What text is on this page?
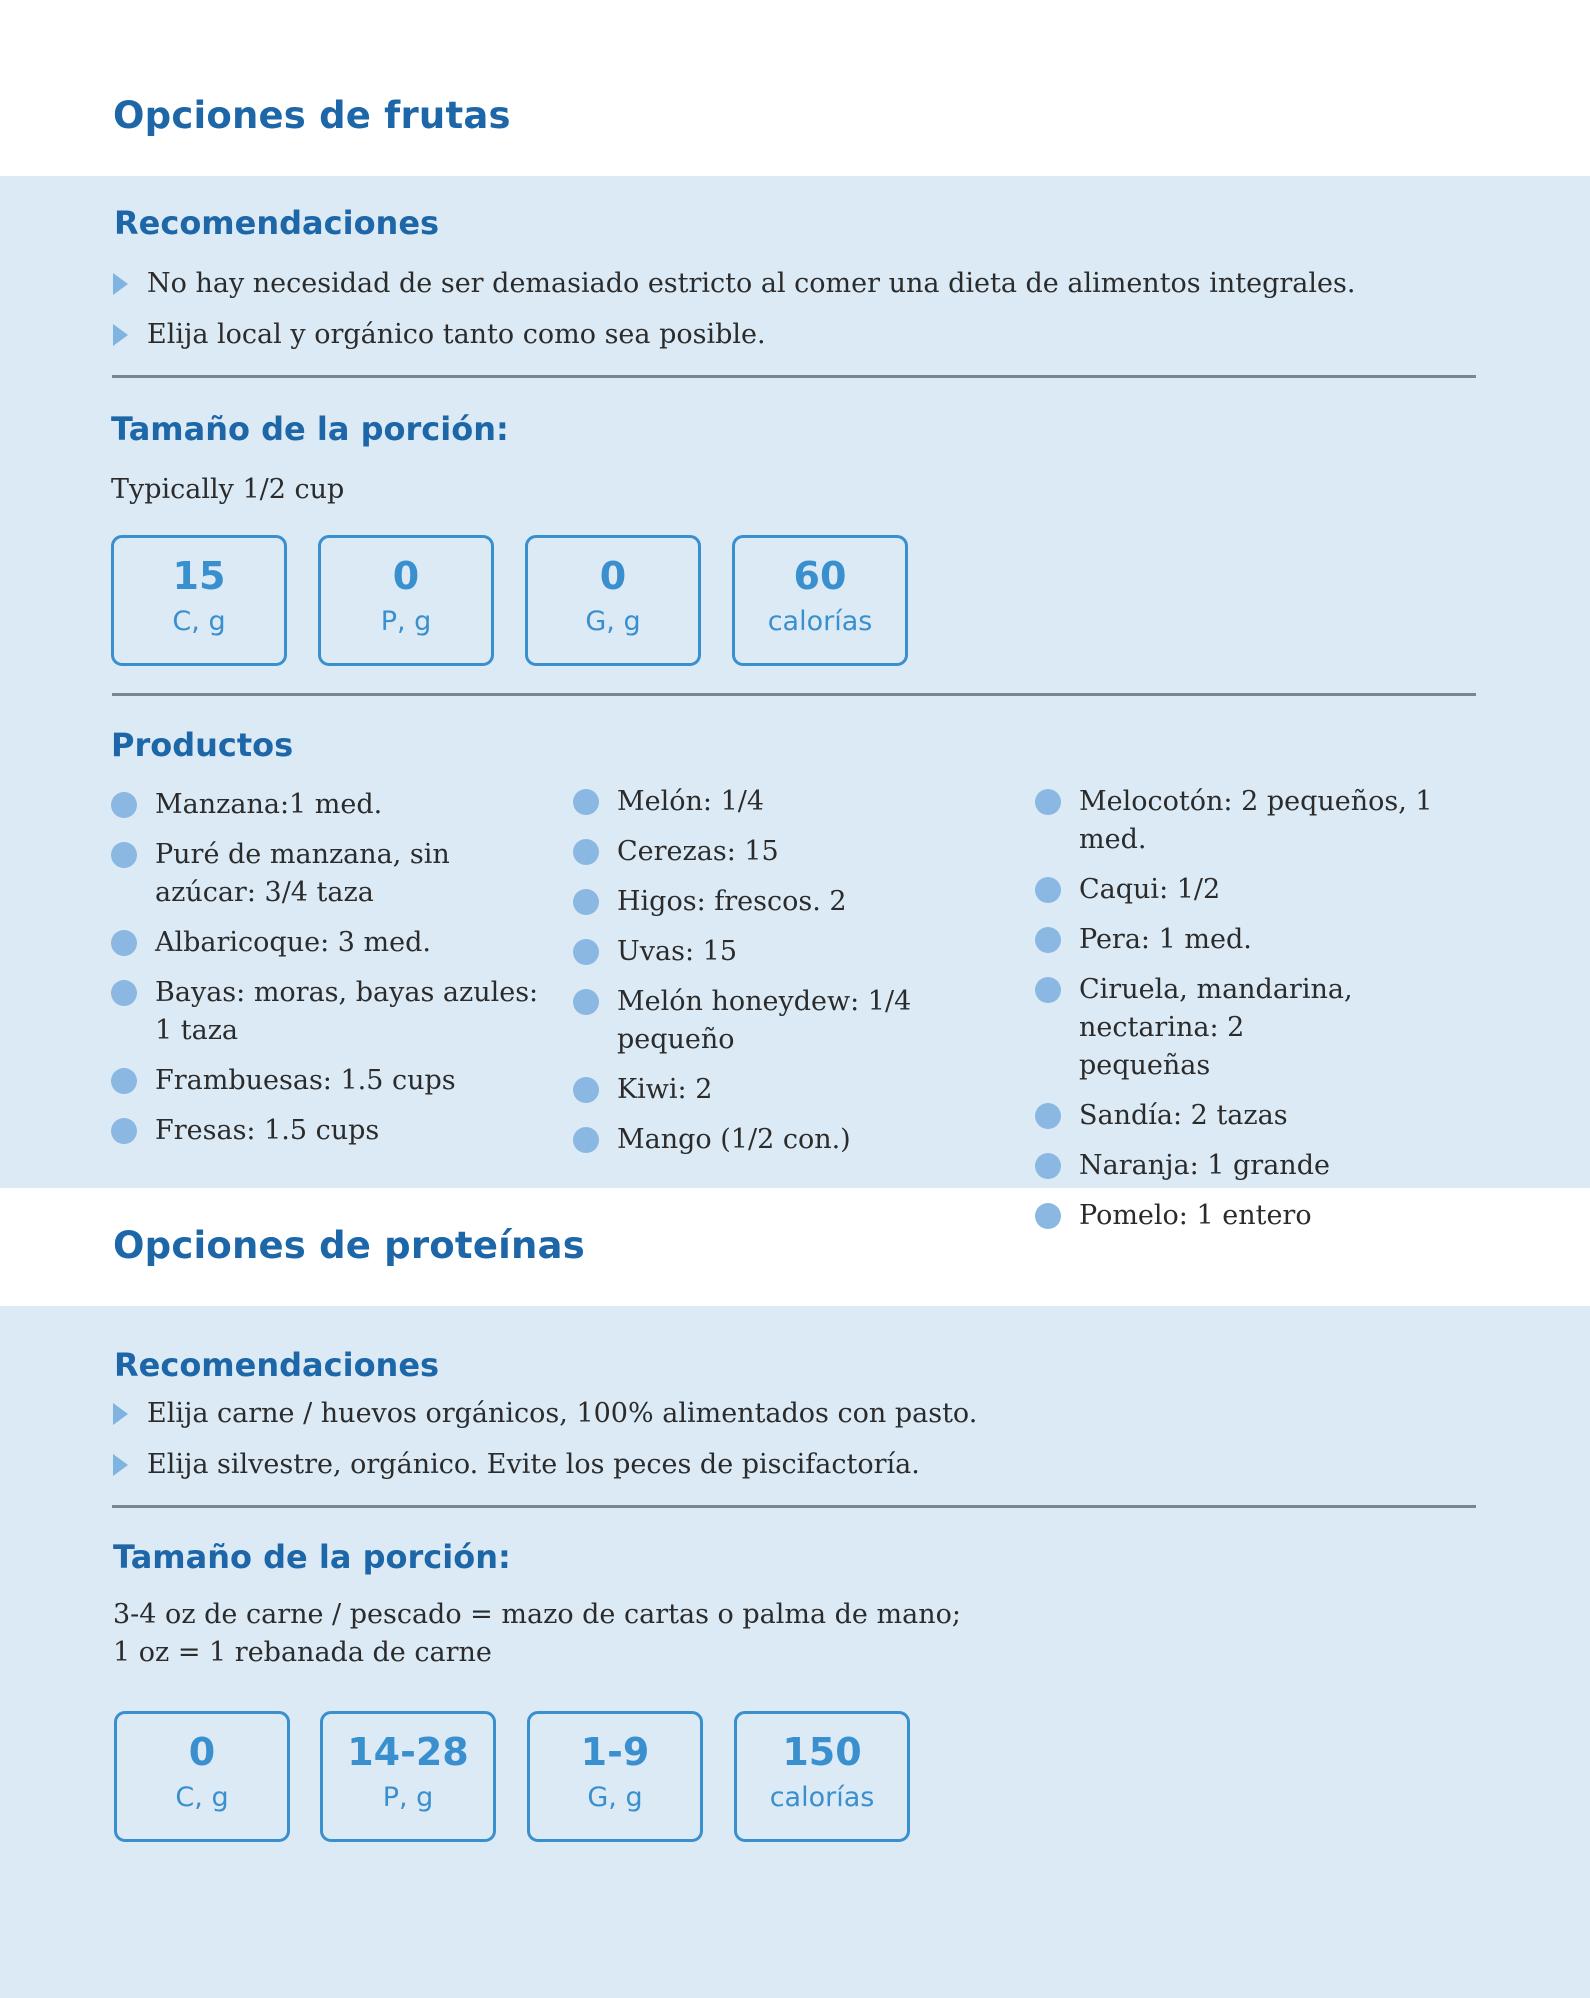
Opciones de frutas
Recomendaciones
No hay necesidad de ser demasiado estricto al comer una dieta de alimentos integrales.
Elija local y orgánico tanto como sea posible.
Tamaño de la porción:

Typically 1/2 cup

15
C, g
0
P, g
0
G, g
60
calorías
Productos
Manzana:1 med.
Puré de manzana, sin azúcar: 3/4 taza
Albaricoque: 3 med.
Bayas: moras, bayas azules: 1 taza
Frambuesas: 1.5 cups
Fresas: 1.5 cups
Melón: 1/4
Cerezas: 15
Higos: frescos. 2
Uvas: 15
Melón honeydew: 1/4 pequeño
Kiwi: 2
Mango (1/2 con.)
Melocotón: 2 pequeños, 1 med.
Caqui: 1/2
Pera: 1 med.
Ciruela, mandarina, nectarina: 2 pequeñas
Sandía: 2 tazas
Naranja: 1 grande
Pomelo: 1 entero
Opciones de proteínas
Recomendaciones
Elija carne / huevos orgánicos, 100% alimentados con pasto.
Elija silvestre, orgánico. Evite los peces de piscifactoría.
Tamaño de la porción:

3-4 oz de carne / pescado = mazo de cartas o palma de mano;

1 oz = 1 rebanada de carne

0
C, g
14-28
P, g
1-9
G, g
150
calorías
